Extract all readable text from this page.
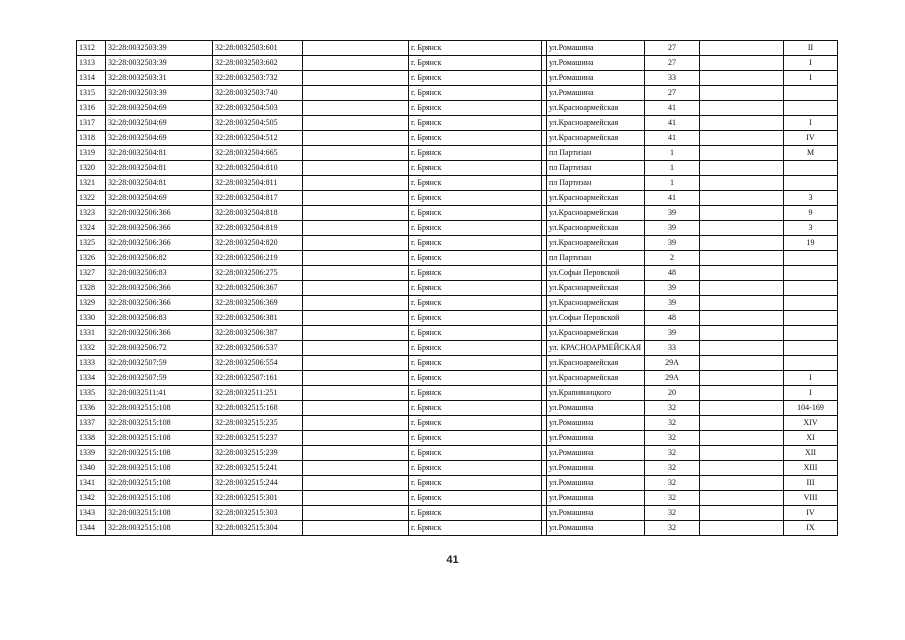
1312	32:28:0032503:39	32:28:0032503:601		г. Брянск		ул.Ромашина	27		II
1313	32:28:0032503:39	32:28:0032503:602		г. Брянск		ул.Ромашина	27		I
1314	32:28:0032503:31	32:28:0032503:732		г. Брянск		ул.Ромашина	33		I
1315	32:28:0032503:39	32:28:0032503:740		г. Брянск		ул.Ромашина	27		
1316	32:28:0032504:69	32:28:0032504:503		г. Брянск		ул.Красноармейская	41		
1317	32:28:0032504:69	32:28:0032504:505		г. Брянск		ул.Красноармейская	41		I
1318	32:28:0032504:69	32:28:0032504:512		г. Брянск		ул.Красноармейская	41		IV
1319	32:28:0032504:81	32:28:0032504:665		г. Брянск		пл Партизан	1		M
1320	32:28:0032504:81	32:28:0032504:810		г. Брянск		пл Партизан	1		
1321	32:28:0032504:81	32:28:0032504:811		г. Брянск		пл Партизан	1		
1322	32:28:0032504:69	32:28:0032504:817		г. Брянск		ул.Красноармейская	41		3
1323	32:28:0032506:366	32:28:0032504:818		г. Брянск		ул.Красноармейская	39		9
1324	32:28:0032506:366	32:28:0032504:819		г. Брянск		ул.Красноармейская	39		3
1325	32:28:0032506:366	32:28:0032504:820		г. Брянск		ул.Красноармейская	39		19
1326	32:28:0032506:82	32:28:0032506:219		г. Брянск		пл Партизан	2		
1327	32:28:0032506:83	32:28:0032506:275		г. Брянск		ул.Софьи Перовской	48		
1328	32:28:0032506:366	32:28:0032506:367		г. Брянск		ул.Красноармейская	39		
1329	32:28:0032506:366	32:28:0032506:369		г. Брянск		ул.Красноармейская	39		
1330	32:28:0032506:83	32:28:0032506:381		г. Брянск		ул.Софьи Перовской	48		
1331	32:28:0032506:366	32:28:0032506:387		г. Брянск		ул.Красноармейская	39		
1332	32:28:0032506:72	32:28:0032506:537		г. Брянск		ул. КРАСНОАРМЕЙСКАЯ	33		
1333	32:28:0032507:59	32:28:0032506:554		г. Брянск		ул.Красноармейская	29А		
1334	32:28:0032507:59	32:28:0032507:161		г. Брянск		ул.Красноармейская	29А		I
1335	32:28:0032511:41	32:28:0032511:251		г. Брянск		ул.Крапивницкого	20		I
1336	32:28:0032515:108	32:28:0032515:168		г. Брянск		ул.Ромашина	32		104-169
1337	32:28:0032515:108	32:28:0032515:235		г. Брянск		ул.Ромашина	32		XIV
1338	32:28:0032515:108	32:28:0032515:237		г. Брянск		ул.Ромашина	32		XI
1339	32:28:0032515:108	32:28:0032515:239		г. Брянск		ул.Ромашина	32		XII
1340	32:28:0032515:108	32:28:0032515:241		г. Брянск		ул.Ромашина	32		XIII
1341	32:28:0032515:108	32:28:0032515:244		г. Брянск		ул.Ромашина	32		III
1342	32:28:0032515:108	32:28:0032515:301		г. Брянск		ул.Ромашина	32		VIII
1343	32:28:0032515:108	32:28:0032515:303		г. Брянск		ул.Ромашина	32		IV
1344	32:28:0032515:108	32:28:0032515:304		г. Брянск		ул.Ромашина	32		IX
41
